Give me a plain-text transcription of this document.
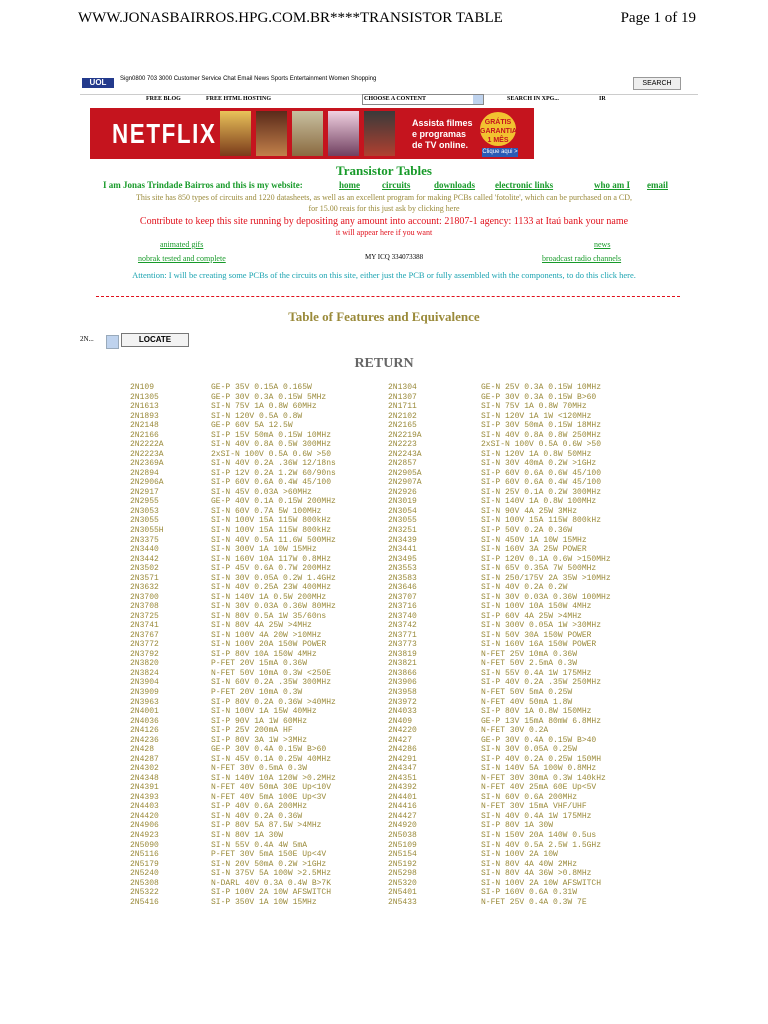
WWW.JONASBAIRROS.HPG.COM.BR****TRANSISTOR TABLE	Page 1 of 19
UOL	Sign0800 703 3000 Customer Service Chat Email News Sports Entertainment Women Shopping
SEARCH
FREE BLOG	FREE HTML HOSTING	CHOOSE A CONTENT	SEARCH IN XPG...	IR
NETFLIX	Assista filmes e programas de TV online.
GRÁTIS GARANTIA 1 MÊS
Clique aqui >
Transistor Tables
I am Jonas Trindade Bairros and this is my website:	home circuits	downloads electronic links	who am I email
This site has 850 types of circuits and 1220 datasheets, as well as an excellent program for making PCBs called 'fotolite', which can be purchased on a CD,
for 15.00 reais for this just ask by clicking here
Contribute to keep this site running by depositing any amount into account: 21807-1 agency: 1133 at Itaú bank your name
it will appear here if you want
animated gifs	news
nobrak tested and complete	MY ICQ 334073388	broadcast radio channels
Attention: I will be creating some PCBs of the circuits on this site, either just the PCB or fully assembled with the components, to do this click here.
Table of Features and Equivalence
2N...	LOCATE
RETURN
2N109	GE-P 35V 0.15A 0.165W	2N1304	GE-N 25V 0.3A 0.15W 10MHz
2N1305	GE-P 30V 0.3A 0.15W 5MHz	2N1307	GE-P 30V 0.3A 0.15W B>60
2N1613	SI-N 75V 1A 0.8W 60MHz	2N1711	SI-N 75V 1A 0.8W 70MHz
2N1893	SI-N 120V 0.5A 0.8W	2N2102	SI-N 120V 1A 1W <120MHz
2N2148	GE-P 60V 5A 12.5W	2N2165	SI-P 30V 50mA 0.15W 18MHz
2N2166	SI-P 15V 50mA 0.15W 10MHz	2N2219A	SI-N 40V 0.8A 0.8W 250MHz
2N2222A	SI-N 40V 0.8A 0.5W 300MHz	2N2223	2xSI-N 100V 0.5A 0.6W >50
2N2223A	2xSI-N 100V 0.5A 0.6W >50	2N2243A	SI-N 120V 1A 0.8W 50MHz
2N2369A	SI-N 40V 0.2A .36W 12/18ns	2N2857	SI-N 30V 40mA 0.2W >1GHz
2N2894	SI-P 12V 0.2A 1.2W 60/90ns	2N2905A	SI-P 60V 0.6A 0.6W 45/100
2N2906A	SI-P 60V 0.6A 0.4W 45/100	2N2907A	SI-P 60V 0.6A 0.4W 45/100
2N2917	SI-N 45V 0.03A >60MHz	2N2926	SI-N 25V 0.1A 0.2W 300MHz
2N2955	GE-P 40V 0.1A 0.15W 200MHz	2N3019	SI-N 140V 1A 0.8W 100MHz
2N3053	SI-N 60V 0.7A 5W 100MHz	2N3054	SI-N 90V 4A 25W 3MHz
2N3055	SI-N 100V 15A 115W 800kHz	2N3055	SI-N 100V 15A 115W 800kHz
2N3055H	SI-N 100V 15A 115W 800kHz	2N3251	SI-P 50V 0.2A 0.36W
2N3375	SI-N 40V 0.5A 11.6W 500MHz	2N3439	SI-N 450V 1A 10W 15MHz
2N3440	SI-N 300V 1A 10W 15MHz	2N3441	SI-N 160V 3A 25W POWER
2N3442	SI-N 160V 10A 117W 0.8MHz	2N3495	SI-P 120V 0.1A 0.6W >150MHz
2N3502	SI-P 45V 0.6A 0.7W 200MHz	2N3553	SI-N 65V 0.35A 7W 500MHz
2N3571	SI-N 30V 0.05A 0.2W 1.4GHz	2N3583	SI-N 250/175V 2A 35W >10MHz
2N3632	SI-N 40V 0.25A 23W 400MHz	2N3646	SI-N 40V 0.2A 0.2W
2N3700	SI-N 140V 1A 0.5W 200MHz	2N3707	SI-N 30V 0.03A 0.36W 100MHz
2N3708	SI-N 30V 0.03A 0.36W 80MHz	2N3716	SI-N 100V 10A 150W 4MHz
2N3725	SI-N 80V 0.5A 1W 35/60ns	2N3740	SI-P 60V 4A 25W >4MHz
2N3741	SI-N 80V 4A 25W >4MHz	2N3742	SI-N 300V 0.05A 1W >30MHz
2N3767	SI-N 100V 4A 20W >10MHz	2N3771	SI-N 50V 30A 150W POWER
2N3772	SI-N 100V 20A 150W POWER	2N3773	SI-N 160V 16A 150W POWER
2N3792	SI-P 80V 10A 150W 4MHz	2N3819	N-FET 25V 10mA 0.36W
2N3820	P-FET 20V 15mA 0.36W	2N3821	N-FET 50V 2.5mA 0.3W
2N3824	N-FET 50V 10mA 0.3W <250E	2N3866	SI-N 55V 0.4A 1W 175MHz
2N3904	SI-N 60V 0.2A .35W 300MHz	2N3906	SI-P 40V 0.2A .35W 250MHz
2N3909	P-FET 20V 10mA 0.3W	2N3958	N-FET 50V 5mA 0.25W
2N3963	SI-P 80V 0.2A 0.36W >40MHz	2N3972	N-FET 40V 50mA 1.8W
2N4001	SI-N 100V 1A 15W 40MHz	2N4033	SI-P 80V 1A 0.8W 150MHz
2N4036	SI-P 90V 1A 1W 60MHz	2N409	GE-P 13V 15mA 80mW 6.8MHz
2N4126	SI-P 25V 200mA HF	2N4220	N-FET 30V 0.2A
2N4236	SI-P 80V 3A 1W >3MHz	2N427	GE-P 30V 0.4A 0.15W B>40
2N428	GE-P 30V 0.4A 0.15W B>60	2N4286	SI-N 30V 0.05A 0.25W
2N4287	SI-N 45V 0.1A 0.25W 40MHz	2N4291	SI-P 40V 0.2A 0.25W 150MH
2N4302	N-FET 30V 0.5mA 0.3W	2N4347	SI-N 140V 5A 100W 0.8MHz
2N4348	SI-N 140V 10A 120W >0.2MHz	2N4351	N-FET 30V 30mA 0.3W 140kHz
2N4391	N-FET 40V 50mA 30E Up<10V	2N4392	N-FET 40V 25mA 60E Up<5V
2N4393	N-FET 40V 5mA 100E Up<3V	2N4401	SI-N 60V 0.6A 200MHz
2N4403	SI-P 40V 0.6A 200MHz	2N4416	N-FET 30V 15mA VHF/UHF
2N4420	SI-N 40V 0.2A 0.36W	2N4427	SI-N 40V 0.4A 1W 175MHz
2N4906	SI-P 80V 5A 87.5W >4MHz	2N4920	SI-P 80V 1A 30W
2N4923	SI-N 80V 1A 30W	2N5038	SI-N 150V 20A 140W 0.5us
2N5090	SI-N 55V 0.4A 4W 5mA	2N5109	SI-N 40V 0.5A 2.5W 1.5GHz
2N5116	P-FET 30V 5mA 150E Up<4V	2N5154	SI-N 100V 2A 10W
2N5179	SI-N 20V 50mA 0.2W >1GHz	2N5192	SI-N 80V 4A 40W 2MHz
2N5240	SI-N 375V 5A 100W >2.5MHz	2N5298	SI-N 80V 4A 36W >0.8MHz
2N5308	N-DARL 40V 0.3A 0.4W B>7K	2N5320	SI-N 100V 2A 10W AFSWITCH
2N5322	SI-P 100V 2A 10W AFSWITCH	2N5401	SI-P 160V 0.6A 0.31W
2N5416	SI-P 350V 1A 10W 15MHz	2N5433	N-FET 25V 0.4A 0.3W 7E
